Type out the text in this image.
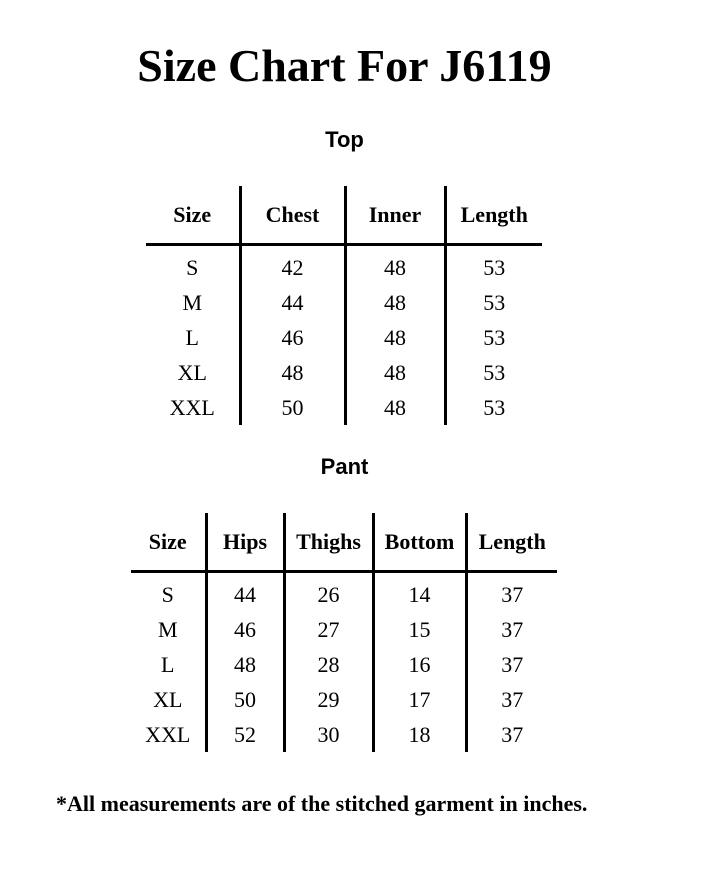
Size Chart For J6119
Top
Size	Chest	Inner	Length
S	42	48	53
M	44	48	53
L	46	48	53
XL	48	48	53
XXL	50	48	53
Pant
Size	Hips	Thighs	Bottom	Length
S	44	26	14	37
M	46	27	15	37
L	48	28	16	37
XL	50	29	17	37
XXL	52	30	18	37
*All measurements are of the stitched garment in inches.
